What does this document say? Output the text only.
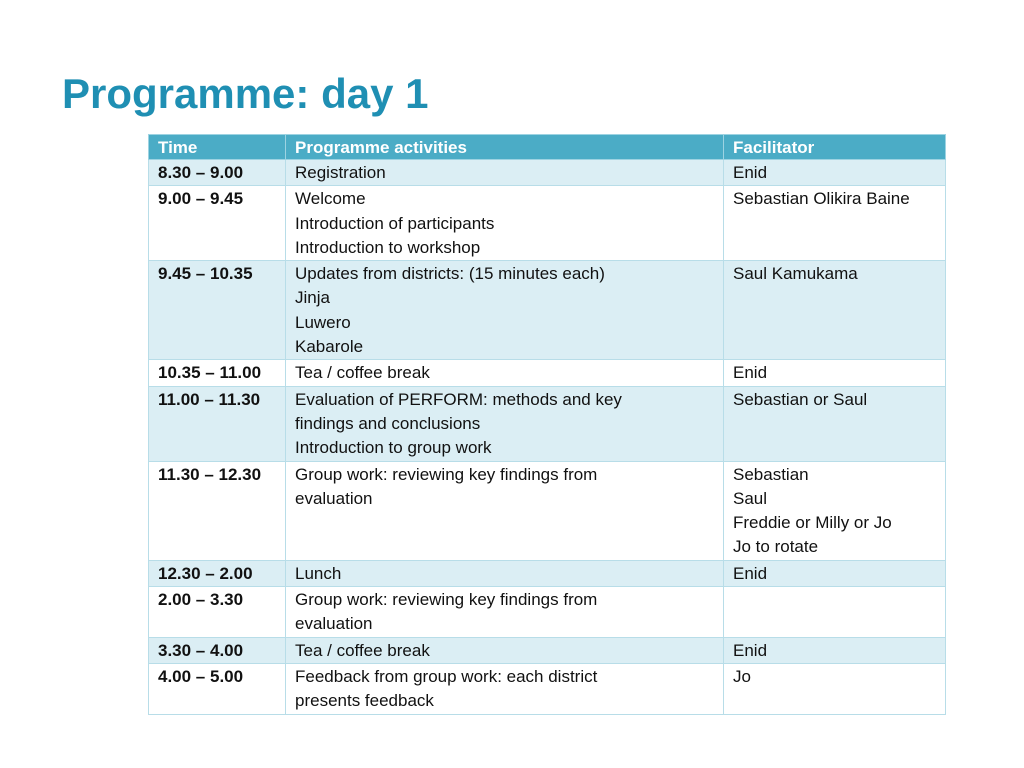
Programme: day 1
Time	Programme activities	Facilitator
8.30 – 9.00	Registration	Enid

9.00 – 9.45	Welcome
Introduction of participants
Introduction to workshop	Sebastian Olikira Baine

9.45 – 10.35	Updates from districts: (15 minutes each)
Jinja
Luwero
Kabarole	Saul Kamukama

10.35 – 11.00	Tea / coffee break	Enid

11.00 – 11.30	Evaluation of PERFORM: methods and key
findings and conclusions
Introduction to group work	Sebastian or Saul

11.30 – 12.30	Group work: reviewing key findings from
evaluation	Sebastian
Saul
Freddie or Milly or Jo
Jo to rotate

12.30 – 2.00	Lunch	Enid

2.00 – 3.30	Group work: reviewing key findings from
evaluation	

3.30 – 4.00	Tea / coffee break	Enid

4.00 – 5.00	Feedback from group work: each district
presents feedback	Jo
